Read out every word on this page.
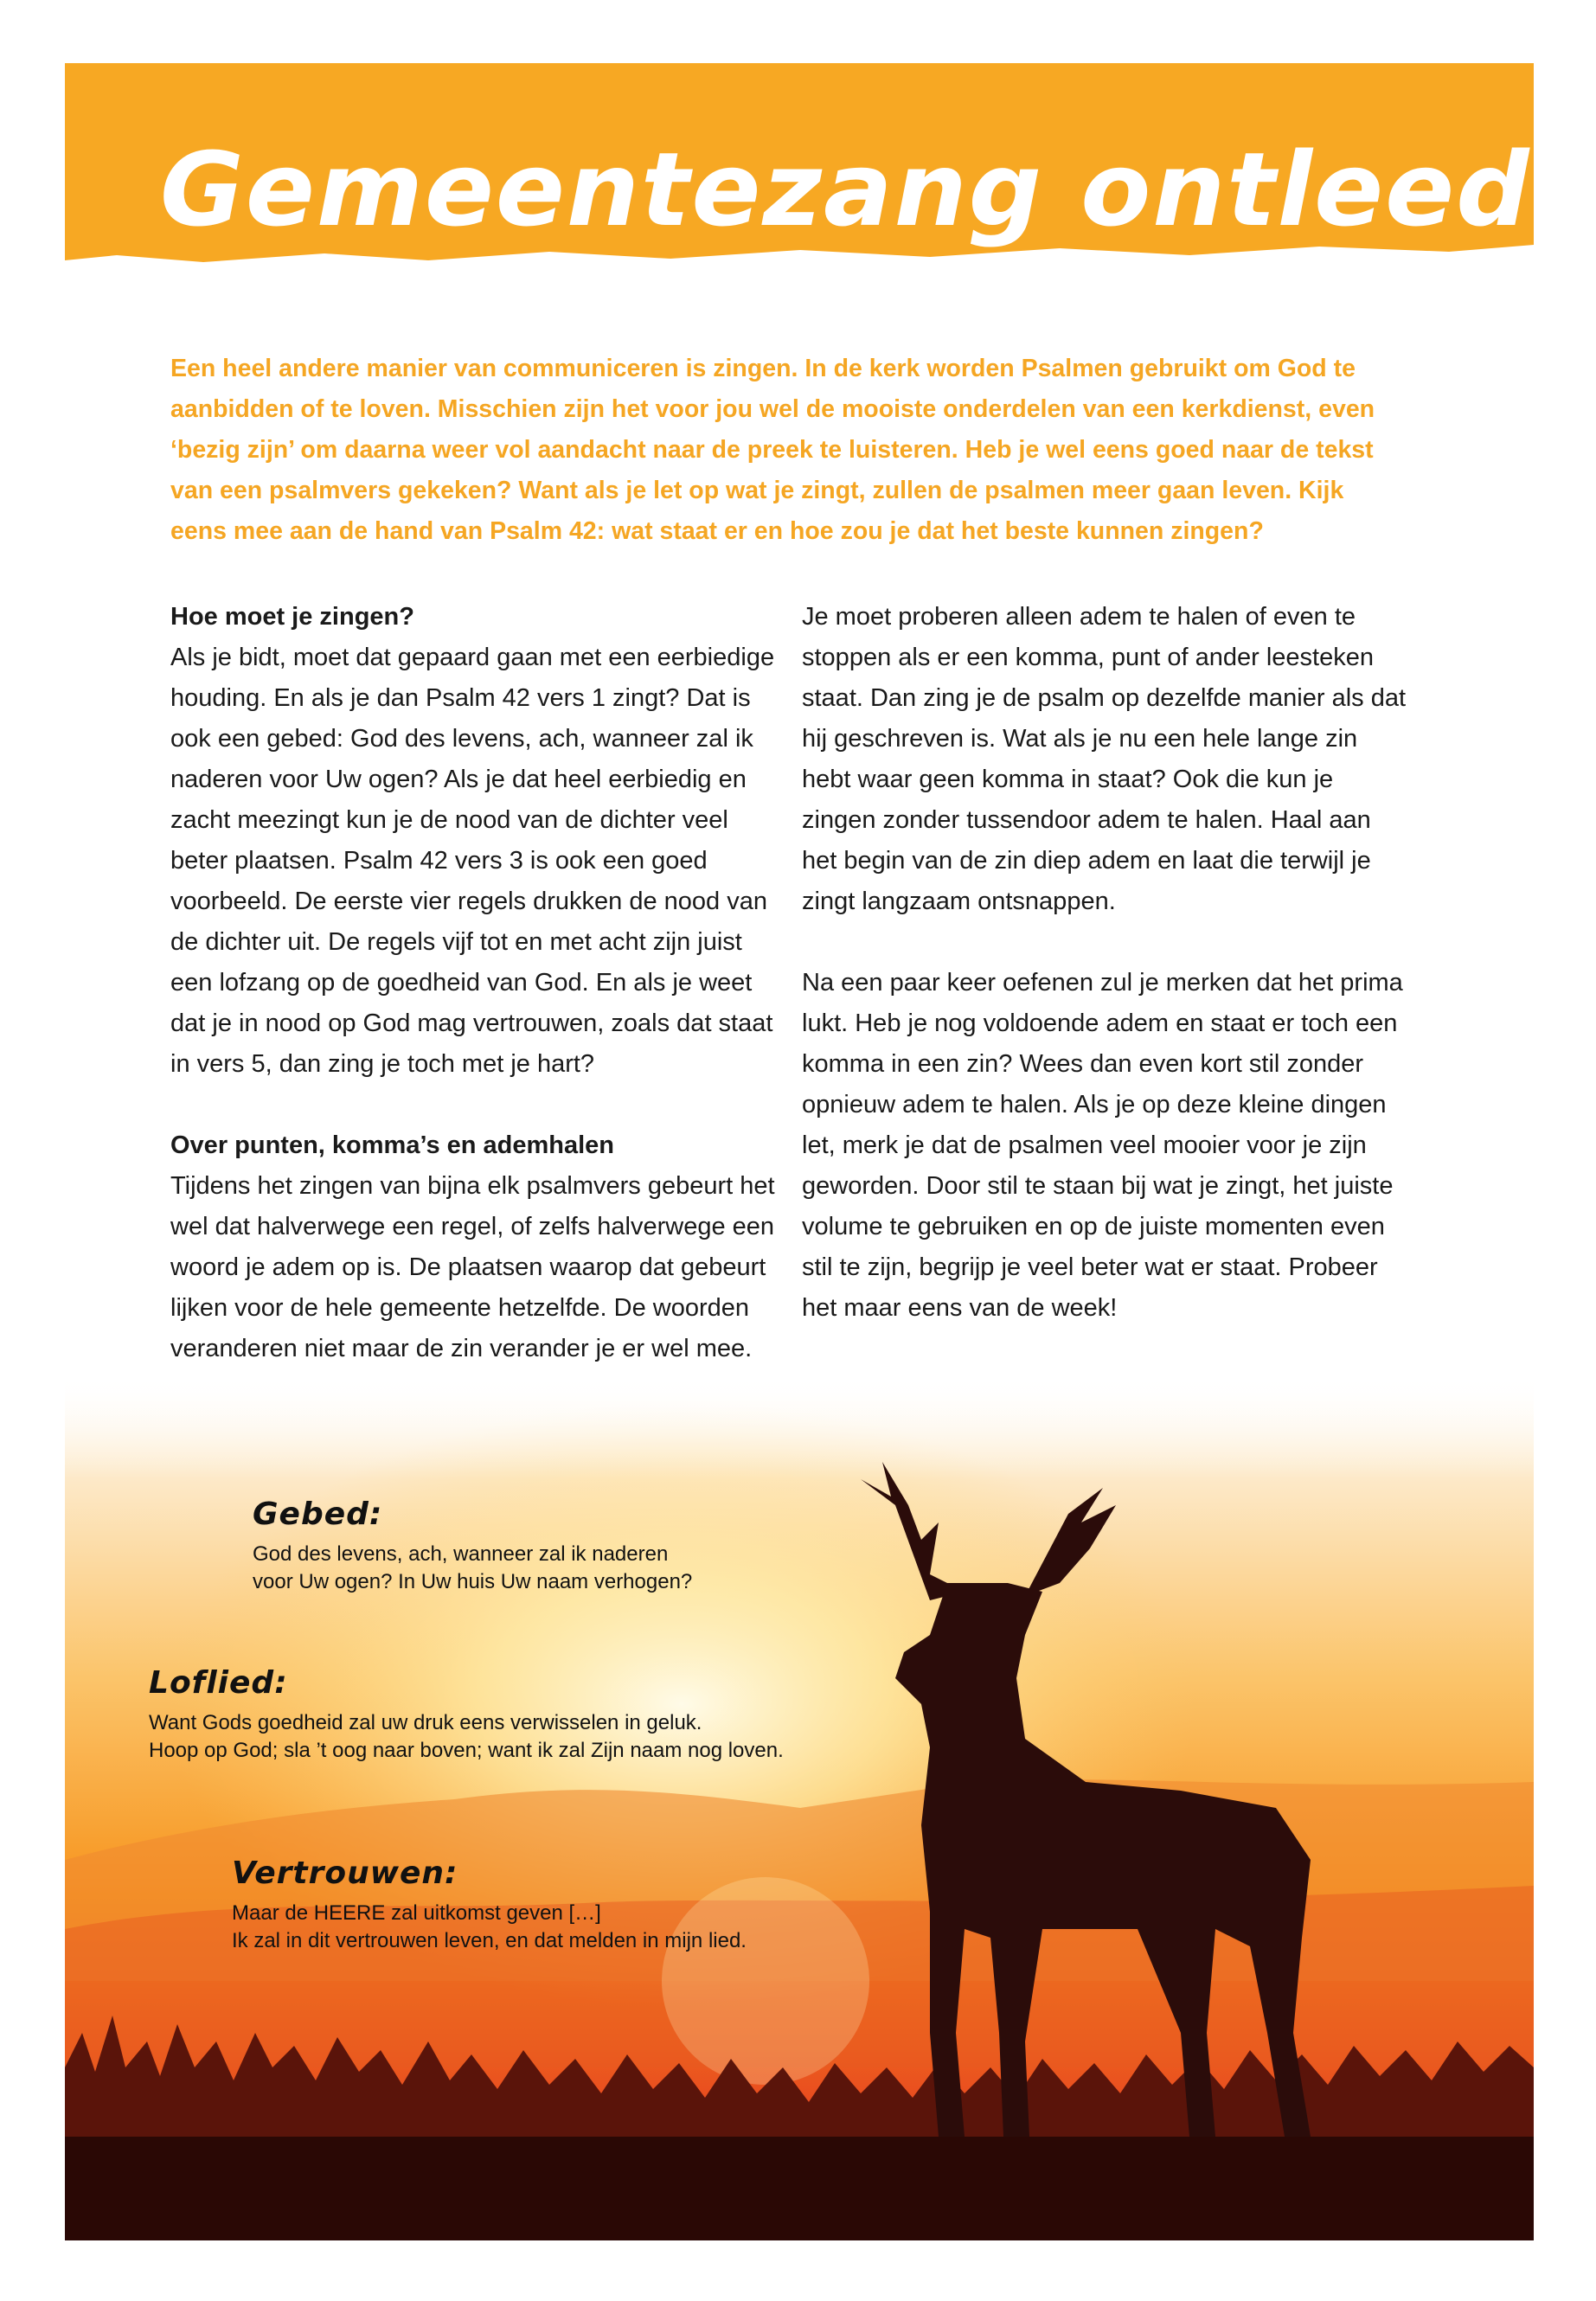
Gemeentezang ontleed
Een heel andere manier van communiceren is zingen. In de kerk worden Psalmen gebruikt om God te aanbidden of te loven. Misschien zijn het voor jou wel de mooiste onderdelen van een kerkdienst, even ‘bezig zijn’ om daarna weer vol aandacht naar de preek te luisteren. Heb je wel eens goed naar de tekst van een psalmvers gekeken? Want als je let op wat je zingt, zullen de psalmen meer gaan leven. Kijk eens mee aan de hand van Psalm 42: wat staat er en hoe zou je dat het beste kunnen zingen?
Hoe moet je zingen?

Als je bidt, moet dat gepaard gaan met een eerbiedige houding. En als je dan Psalm 42 vers 1 zingt? Dat is ook een gebed: God des levens, ach, wanneer zal ik naderen voor Uw ogen? Als je dat heel eerbiedig en zacht meezingt kun je de nood van de dichter veel beter plaatsen. Psalm 42 vers 3 is ook een goed voorbeeld. De eerste vier regels drukken de nood van de dichter uit. De regels vijf tot en met acht zijn juist een lofzang op de goedheid van God. En als je weet dat je in nood op God mag vertrouwen, zoals dat staat in vers 5, dan zing je toch met je hart?

Over punten, komma’s en ademhalen

Tijdens het zingen van bijna elk psalmvers gebeurt het wel dat halverwege een regel, of zelfs halverwege een woord je adem op is. De plaatsen waarop dat gebeurt lijken voor de hele gemeente hetzelfde. De woorden veranderen niet maar de zin verander je er wel mee.

Je moet proberen alleen adem te halen of even te stoppen als er een komma, punt of ander leesteken staat. Dan zing je de psalm op dezelfde manier als dat hij geschreven is. Wat als je nu een hele lange zin hebt waar geen komma in staat? Ook die kun je zingen zonder tussendoor adem te halen. Haal aan het begin van de zin diep adem en laat die terwijl je zingt langzaam ontsnappen.

Na een paar keer oefenen zul je merken dat het prima lukt. Heb je nog voldoende adem en staat er toch een komma in een zin? Wees dan even kort stil zonder opnieuw adem te halen. Als je op deze kleine dingen let, merk je dat de psalmen veel mooier voor je zijn geworden. Door stil te staan bij wat je zingt, het juiste volume te gebruiken en op de juiste momenten even stil te zijn, begrijp je veel beter wat er staat. Probeer het maar eens van de week!

Gebed:
God des levens, ach, wanneer zal ik naderen
voor Uw ogen? In Uw huis Uw naam verhogen?
Loflied:
Want Gods goedheid zal uw druk eens verwisselen in geluk.
Hoop op God; sla ’t oog naar boven; want ik zal Zijn naam nog loven.
Vertrouwen:
Maar de HEERE zal uitkomst geven […]
Ik zal in dit vertrouwen leven, en dat melden in mijn lied.
